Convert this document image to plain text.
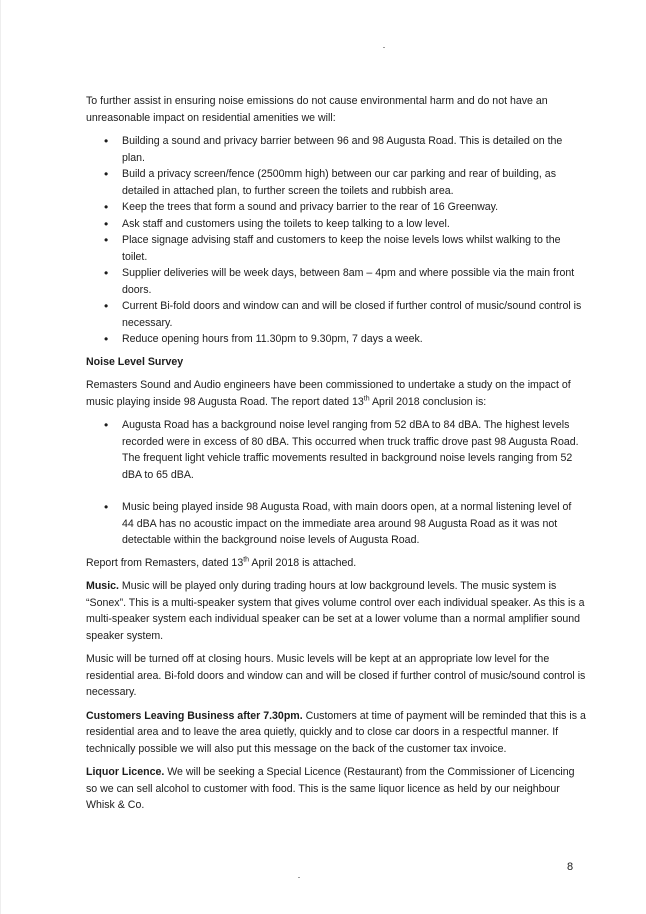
To further assist in ensuring noise emissions do not cause environmental harm and do not have an unreasonable impact on residential amenities we will:

• Building a sound and privacy barrier between 96 and 98 Augusta Road. This is detailed on the plan.
• Build a privacy screen/fence (2500mm high) between our car parking and rear of building, as detailed in attached plan, to further screen the toilets and rubbish area.
• Keep the trees that form a sound and privacy barrier to the rear of 16 Greenway.
• Ask staff and customers using the toilets to keep talking to a low level.
• Place signage advising staff and customers to keep the noise levels lows whilst walking to the toilet.
• Supplier deliveries will be week days, between 8am – 4pm and where possible via the main front doors.
• Current Bi-fold doors and window can and will be closed if further control of music/sound control is necessary.
• Reduce opening hours from 11.30pm to 9.30pm, 7 days a week.

Noise Level Survey

Remasters Sound and Audio engineers have been commissioned to undertake a study on the impact of music playing inside 98 Augusta Road. The report dated 13th April 2018 conclusion is:

• Augusta Road has a background noise level ranging from 52 dBA to 84 dBA. The highest levels recorded were in excess of 80 dBA. This occurred when truck traffic drove past 98 Augusta Road. The frequent light vehicle traffic movements resulted in background noise levels ranging from 52 dBA to 65 dBA.
• Music being played inside 98 Augusta Road, with main doors open, at a normal listening level of 44 dBA has no acoustic impact on the immediate area around 98 Augusta Road as it was not detectable within the background noise levels of Augusta Road.

Report from Remasters, dated 13th April 2018 is attached.

Music. Music will be played only during trading hours at low background levels. The music system is “Sonex”. This is a multi-speaker system that gives volume control over each individual speaker. As this is a multi-speaker system each individual speaker can be set at a lower volume than a normal amplifier sound speaker system.

Music will be turned off at closing hours. Music levels will be kept at an appropriate low level for the residential area. Bi-fold doors and window can and will be closed if further control of music/sound control is necessary.

Customers Leaving Business after 7.30pm. Customers at time of payment will be reminded that this is a residential area and to leave the area quietly, quickly and to close car doors in a respectful manner. If technically possible we will also put this message on the back of the customer tax invoice.

Liquor Licence. We will be seeking a Special Licence (Restaurant) from the Commissioner of Licencing so we can sell alcohol to customer with food. This is the same liquor licence as held by our neighbour Whisk & Co.

8
